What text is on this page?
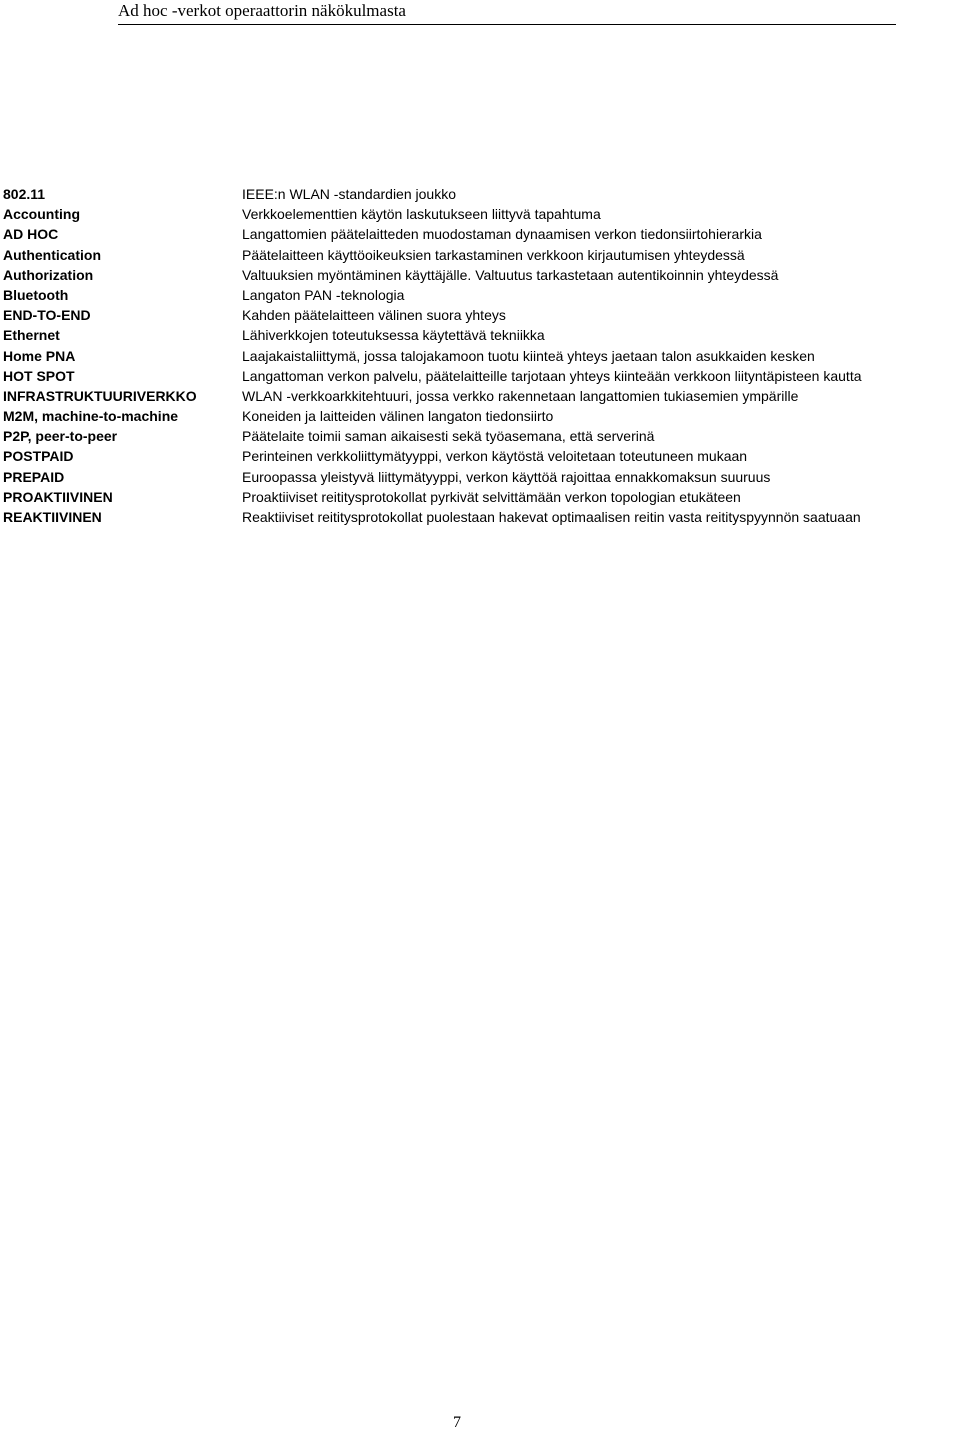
Ad hoc -verkot operaattorin näkökulmasta
802.11	IEEE:n WLAN -standardien joukko
Accounting	Verkkoelementtien käytön laskutukseen liittyvä tapahtuma
AD HOC	Langattomien päätelaitteden muodostaman dynaamisen verkon tiedonsiirtohierarkia
Authentication	Päätelaitteen käyttöoikeuksien tarkastaminen verkkoon kirjautumisen yhteydessä
Authorization	Valtuuksien myöntäminen käyttäjälle. Valtuutus tarkastetaan autentikoinnin yhteydessä
Bluetooth	Langaton PAN -teknologia
END-TO-END	Kahden päätelaitteen välinen suora yhteys
Ethernet	Lähiverkkojen toteutuksessa käytettävä tekniikka
Home PNA	Laajakaistaliittymä, jossa talojakamoon tuotu kiinteä yhteys jaetaan talon asukkaiden kesken
HOT SPOT	Langattoman verkon palvelu, päätelaitteille tarjotaan yhteys kiinteään verkkoon liityntäpisteen kautta
INFRASTRUKTUURIVERKKO	WLAN -verkkoarkkitehtuuri, jossa verkko rakennetaan langattomien tukiasemien ympärille
M2M, machine-to-machine	Koneiden ja laitteiden välinen langaton tiedonsiirto
P2P, peer-to-peer	Päätelaite toimii saman aikaisesti sekä työasemana, että serverinä
POSTPAID	Perinteinen verkkoliittymätyyppi, verkon käytöstä veloitetaan toteutuneen mukaan
PREPAID	Euroopassa yleistyvä liittymätyyppi, verkon käyttöä rajoittaa ennakkomaksun suuruus
PROAKTIIVINEN	Proaktiiviset reititysprotokollat pyrkivät selvittämään verkon topologian etukäteen
REAKTIIVINEN	Reaktiiviset reititysprotokollat puolestaan hakevat optimaalisen reitin vasta reitityspyynnön saatuaan
7
